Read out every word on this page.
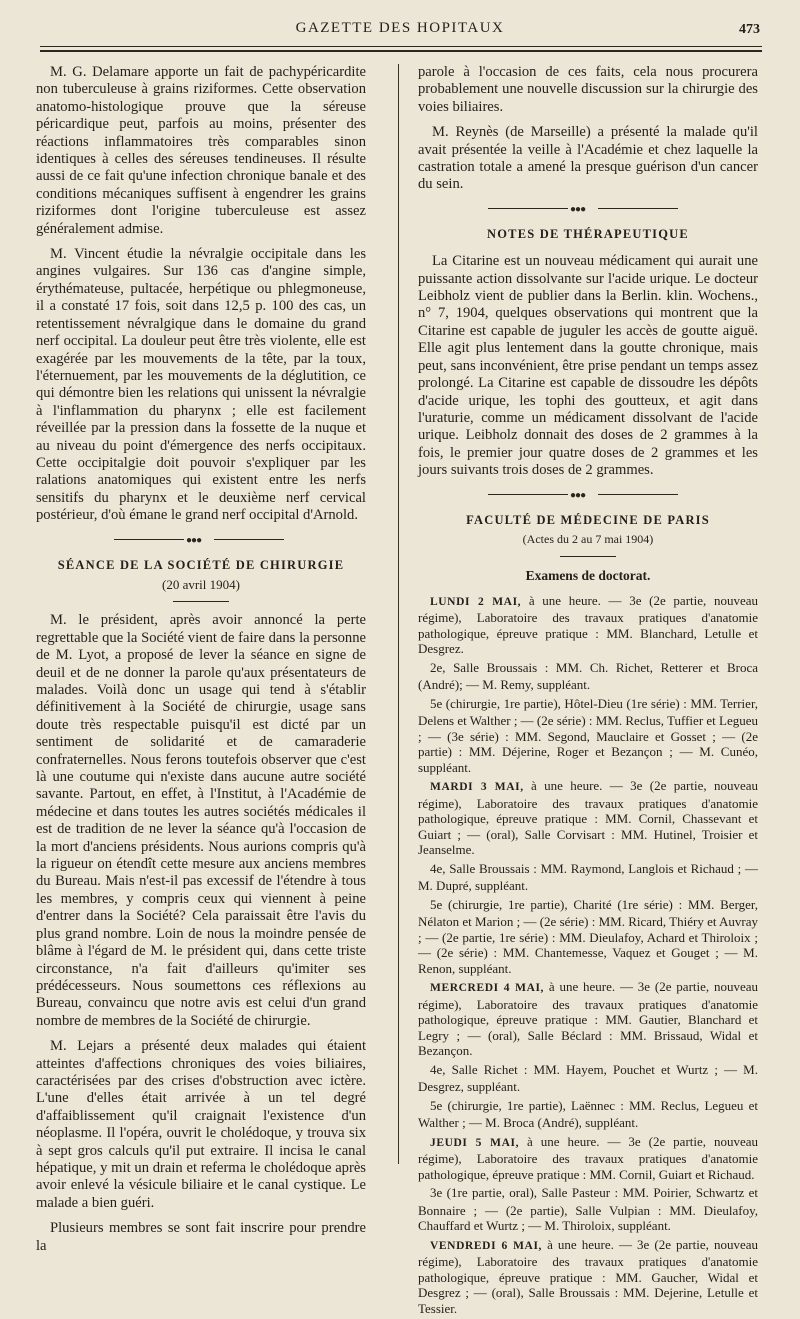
GAZETTE DES HOPITAUX	473

M. G. Delamare apporte un fait de pachypéricardite non tuberculeuse à grains riziformes. Cette observation anatomo-histologique prouve que la séreuse péricardique peut, parfois au moins, présenter des réactions inflammatoires très comparables sinon identiques à celles des séreuses tendineuses. Il résulte aussi de ce fait qu'une infection chronique banale et des conditions mécaniques suffisent à engendrer les grains riziformes dont l'origine tuberculeuse est assez généralement admise.

M. Vincent étudie la névralgie occipitale dans les angines vulgaires. Sur 136 cas d'angine simple, érythémateuse, pultacée, herpétique ou phlegmoneuse, il a constaté 17 fois, soit dans 12,5 p. 100 des cas, un retentissement névralgique dans le domaine du grand nerf occipital. La douleur peut être très violente, elle est exagérée par les mouvements de la tête, par la toux, l'éternuement, par les mouvements de la déglutition, ce qui démontre bien les relations qui unissent la névralgie à l'inflammation du pharynx ; elle est facilement réveillée par la pression dans la fossette de la nuque et au niveau du point d'émergence des nerfs occipitaux. Cette occipitalgie doit pouvoir s'expliquer par les ralations anatomiques qui existent entre les nerfs sensitifs du pharynx et le deuxième nerf cervical postérieur, d'où émane le grand nerf occipital d'Arnold.

●●●

SÉANCE DE LA SOCIÉTÉ DE CHIRURGIE

(20 avril 1904)

M. le président, après avoir annoncé la perte regrettable que la Société vient de faire dans la personne de M. Lyot, a proposé de lever la séance en signe de deuil et de ne donner la parole qu'aux présentateurs de malades. Voilà donc un usage qui tend à s'établir définitivement à la Société de chirurgie, usage sans doute très respectable puisqu'il est dicté par un sentiment de solidarité et de camaraderie confraternelles. Nous ferons toutefois observer que c'est là une coutume qui n'existe dans aucune autre société savante. Partout, en effet, à l'Institut, à l'Académie de médecine et dans toutes les autres sociétés médicales il est de tradition de ne lever la séance qu'à l'occasion de la mort d'anciens présidents. Nous aurions compris qu'à la rigueur on étendît cette mesure aux anciens membres du Bureau. Mais n'est-il pas excessif de l'étendre à tous les membres, y compris ceux qui viennent à peine d'entrer dans la Société? Cela paraissait être l'avis du plus grand nombre. Loin de nous la moindre pensée de blâme à l'égard de M. le président qui, dans cette triste circonstance, n'a fait d'ailleurs qu'imiter ses prédécesseurs. Nous soumettons ces réflexions au Bureau, convaincu que notre avis est celui d'un grand nombre de membres de la Société de chirurgie.

M. Lejars a présenté deux malades qui étaient atteintes d'affections chroniques des voies biliaires, caractérisées par des crises d'obstruction avec ictère. L'une d'elles était arrivée à un tel degré d'affaiblissement qu'il craignait l'existence d'un néoplasme. Il l'opéra, ouvrit le cholédoque, y trouva six à sept gros calculs qu'il put extraire. Il incisa le canal hépatique, y mit un drain et referma le cholédoque après avoir enlevé la vésicule biliaire et le canal cystique. Le malade a bien guéri.

Plusieurs membres se sont fait inscrire pour prendre la

parole à l'occasion de ces faits, cela nous procurera probablement une nouvelle discussion sur la chirurgie des voies biliaires.

M. Reynès (de Marseille) a présenté la malade qu'il avait présentée la veille à l'Académie et chez laquelle la castration totale a amené la presque guérison d'un cancer du sein.

●●●

NOTES DE THÉRAPEUTIQUE

La Citarine est un nouveau médicament qui aurait une puissante action dissolvante sur l'acide urique. Le docteur Leibholz vient de publier dans la Berlin. klin. Wochens., n° 7, 1904, quelques observations qui montrent que la Citarine est capable de juguler les accès de goutte aiguë. Elle agit plus lentement dans la goutte chronique, mais peut, sans inconvénient, être prise pendant un temps assez prolongé. La Citarine est capable de dissoudre les dépôts d'acide urique, les tophi des goutteux, et agit dans l'uraturie, comme un médicament dissolvant de l'acide urique. Leibholz donnait des doses de 2 grammes à la fois, le premier jour quatre doses de 2 grammes et les jours suivants trois doses de 2 grammes.

●●●

FACULTÉ DE MÉDECINE DE PARIS

(Actes du 2 au 7 mai 1904)

Examens de doctorat.

LUNDI 2 MAI, à une heure. — 3e (2e partie, nouveau régime), Laboratoire des travaux pratiques d'anatomie pathologique, épreuve pratique : MM. Blanchard, Letulle et Desgrez.

2e, Salle Broussais : MM. Ch. Richet, Retterer et Broca (André); — M. Remy, suppléant.

5e (chirurgie, 1re partie), Hôtel-Dieu (1re série) : MM. Terrier, Delens et Walther ; — (2e série) : MM. Reclus, Tuffier et Legueu ; — (3e série) : MM. Segond, Mauclaire et Gosset ; — (2e partie) : MM. Déjerine, Roger et Bezançon ; — M. Cunéo, suppléant.

MARDI 3 MAI, à une heure. — 3e (2e partie, nouveau régime), Laboratoire des travaux pratiques d'anatomie pathologique, épreuve pratique : MM. Cornil, Chassevant et Guiart ; — (oral), Salle Corvisart : MM. Hutinel, Troisier et Jeanselme.

4e, Salle Broussais : MM. Raymond, Langlois et Richaud ; — M. Dupré, suppléant.

5e (chirurgie, 1re partie), Charité (1re série) : MM. Berger, Nélaton et Marion ; — (2e série) : MM. Ricard, Thiéry et Auvray ; — (2e partie, 1re série) : MM. Dieulafoy, Achard et Thiroloix ; — (2e série) : MM. Chantemesse, Vaquez et Gouget ; — M. Renon, suppléant.

MERCREDI 4 MAI, à une heure. — 3e (2e partie, nouveau régime), Laboratoire des travaux pratiques d'anatomie pathologique, épreuve pratique : MM. Gautier, Blanchard et Legry ; — (oral), Salle Béclard : MM. Brissaud, Widal et Bezançon.

4e, Salle Richet : MM. Hayem, Pouchet et Wurtz ; — M. Desgrez, suppléant.

5e (chirurgie, 1re partie), Laënnec : MM. Reclus, Legueu et Walther ; — M. Broca (André), suppléant.

JEUDI 5 MAI, à une heure. — 3e (2e partie, nouveau régime), Laboratoire des travaux pratiques d'anatomie pathologique, épreuve pratique : MM. Cornil, Guiart et Richaud.

3e (1re partie, oral), Salle Pasteur : MM. Poirier, Schwartz et Bonnaire ; — (2e partie), Salle Vulpian : MM. Dieulafoy, Chauffard et Wurtz ; — M. Thiroloix, suppléant.

VENDREDI 6 MAI, à une heure. — 3e (2e partie, nouveau régime), Laboratoire des travaux pratiques d'anatomie pathologique, épreuve pratique : MM. Gaucher, Widal et Desgrez ; — (oral), Salle Broussais : MM. Dejerine, Letulle et Tessier.
